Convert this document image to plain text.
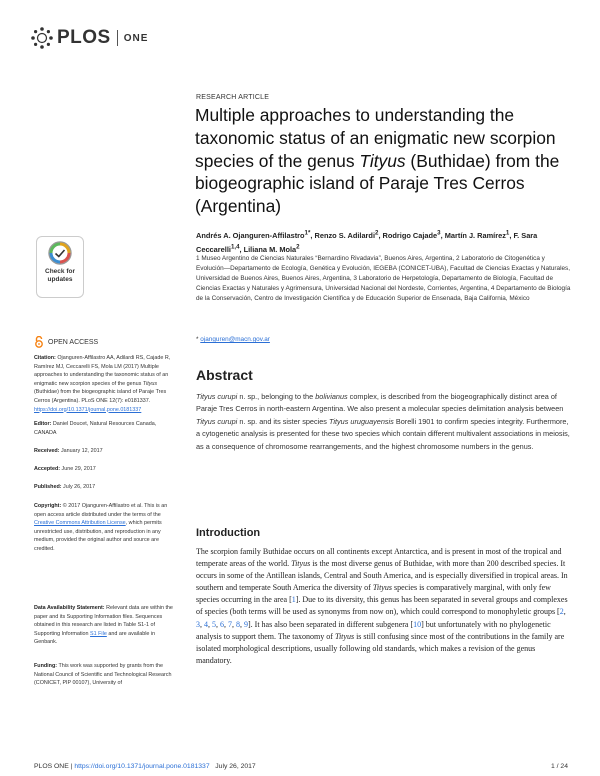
PLOS ONE
RESEARCH ARTICLE
Multiple approaches to understanding the taxonomic status of an enigmatic new scorpion species of the genus Tityus (Buthidae) from the biogeographic island of Paraje Tres Cerros (Argentina)
Andrés A. Ojanguren-Affilastro$^{1*}$, Renzo S. Adilardi$^2$, Rodrigo Cajade$^3$, Martín J. Ramírez$^1$, F. Sara Ceccarelli$^{1,4}$, Liliana M. Mola$^2$
1 Museo Argentino de Ciencias Naturales “Bernardino Rivadavia”, Buenos Aires, Argentina, 2 Laboratorio de Citogenética y Evolución—Departamento de Ecología, Genética y Evolución, IEGEBA (CONICET-UBA), Facultad de Ciencias Exactas y Naturales, Universidad de Buenos Aires, Buenos Aires, Argentina, 3 Laboratorio de Herpetología, Departamento de Biología, Facultad de Ciencias Exactas y Naturales y Agrimensura, Universidad Nacional del Nordeste, Corrientes, Argentina, 4 Departamento de Biología de la Conservación, Centro de Investigación Científica y de Educación Superior de Ensenada, Baja California, México
* ojanguren@macn.gov.ar
Abstract

Tityus curupi n. sp., belonging to the bolivianus complex, is described from the biogeographically distinct area of Paraje Tres Cerros in north-eastern Argentina. We also present a molecular species delimitation analysis between Tityus curupi n. sp. and its sister species Tityus uruguayensis Borelli 1901 to confirm species integrity. Furthermore, a cytogenetic analysis is presented for these two species which contain different multivalent associations in meiosis, as a consequence of chromosome rearrangements, and the highest chromosome numbers in the genus.

Introduction

The scorpion family Buthidae occurs on all continents except Antarctica, and is present in most of the tropical and temperate areas of the world. Tityus is the most diverse genus of Buthidae, with more than 200 described species. It occurs in some of the Antillean islands, Central and South America, and is especially diversified in tropical areas. In southern and temperate South America the diversity of Tityus species is comparatively marginal, with only few species occurring in the area [1]. Due to its diversity, this genus has been separated in several groups and complexes of species (both terms will be used as synonyms from now on), which could correspond to monophyletic groups [2, 3, 4, 5, 6, 7, 8, 9]. It has also been separated in different subgenera [10] but unfortunately with no phylogenetic analysis to support them. The taxonomy of Tityus is still confusing since most of the contributions in the family are isolated morphological descriptions, usually following old standards, which makes a revision of the genus mandatory.

Check for
updates
OPEN ACCESS
Citation: Ojanguren-Affilastro AA, Adilardi RS, Cajade R, Ramírez MJ, Ceccarelli FS, Mola LM (2017) Multiple approaches to understanding the taxonomic status of an enigmatic new scorpion species of the genus Tityus (Buthidae) from the biogeographic island of Paraje Tres Cerros (Argentina). PLoS ONE 12(7): e0181337. https://doi.org/10.1371/journal.pone.0181337
Editor: Daniel Doucet, Natural Resources Canada, CANADA
Received: January 12, 2017
Accepted: June 29, 2017
Published: July 26, 2017
Copyright: © 2017 Ojanguren-Affilastro et al. This is an open access article distributed under the terms of the Creative Commons Attribution License, which permits unrestricted use, distribution, and reproduction in any medium, provided the original author and source are credited.
Data Availability Statement: Relevant data are within the paper and its Supporting Information files. Sequences obtained in this research are listed in Table S1-1 of Supporting Information S1 File and are available in Genbank.
Funding: This work was supported by grants from the National Council of Scientific and Technological Research (CONICET, PIP 00107), University of
PLOS ONE | https://doi.org/10.1371/journal.pone.0181337 July 26, 2017	1 / 24
